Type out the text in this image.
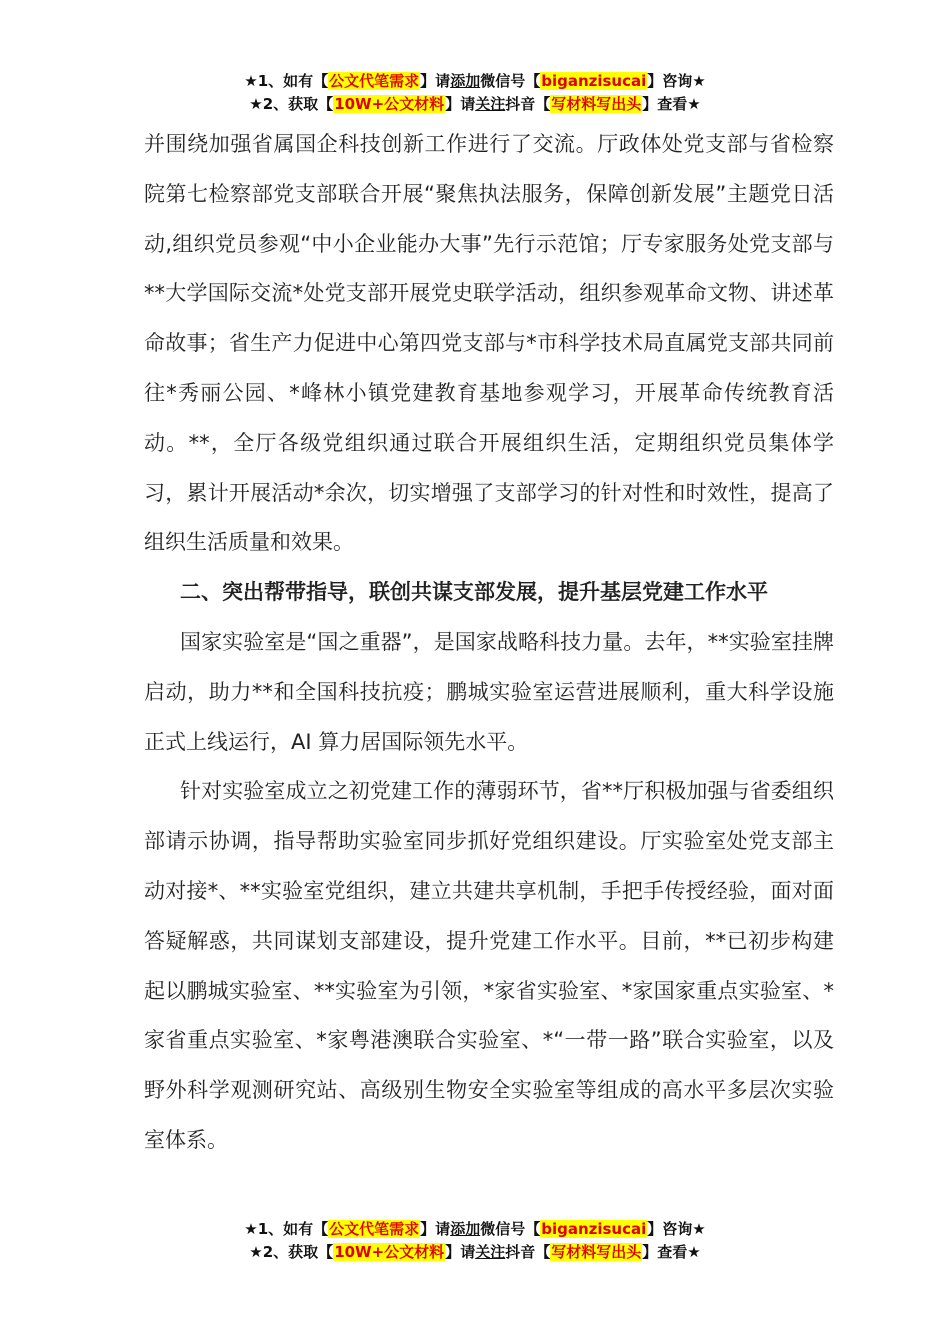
★1、如有【公文代笔需求】请添加微信号【biganzisucai】咨询★
★2、获取【10W+公文材料】请关注抖音【写材料写出头】查看★

并围绕加强省属国企科技创新工作进行了交流。厅政体处党支部与省检察院第七检察部党支部联合开展“聚焦执法服务，保障创新发展”主题党日活动,组织党员参观“中小企业能办大事”先行示范馆；厅专家服务处党支部与**大学国际交流*处党支部开展党史联学活动，组织参观革命文物、讲述革命故事；省生产力促进中心第四党支部与*市科学技术局直属党支部共同前往*秀丽公园、*峰林小镇党建教育基地参观学习，开展革命传统教育活动。**，全厅各级党组织通过联合开展组织生活，定期组织党员集体学习，累计开展活动*余次，切实增强了支部学习的针对性和时效性，提高了组织生活质量和效果。

二、突出帮带指导，联创共谋支部发展，提升基层党建工作水平

国家实验室是“国之重器”，是国家战略科技力量。去年，**实验室挂牌启动，助力**和全国科技抗疫；鹏城实验室运营进展顺利，重大科学设施正式上线运行，AI 算力居国际领先水平。

针对实验室成立之初党建工作的薄弱环节，省**厅积极加强与省委组织部请示协调，指导帮助实验室同步抓好党组织建设。厅实验室处党支部主动对接*、**实验室党组织，建立共建共享机制，手把手传授经验，面对面答疑解惑，共同谋划支部建设，提升党建工作水平。目前，**已初步构建起以鹏城实验室、**实验室为引领，*家省实验室、*家国家重点实验室、*家省重点实验室、*家粤港澳联合实验室、*“一带一路”联合实验室，以及野外科学观测研究站、高级别生物安全实验室等组成的高水平多层次实验室体系。

★1、如有【公文代笔需求】请添加微信号【biganzisucai】咨询★
★2、获取【10W+公文材料】请关注抖音【写材料写出头】查看★
